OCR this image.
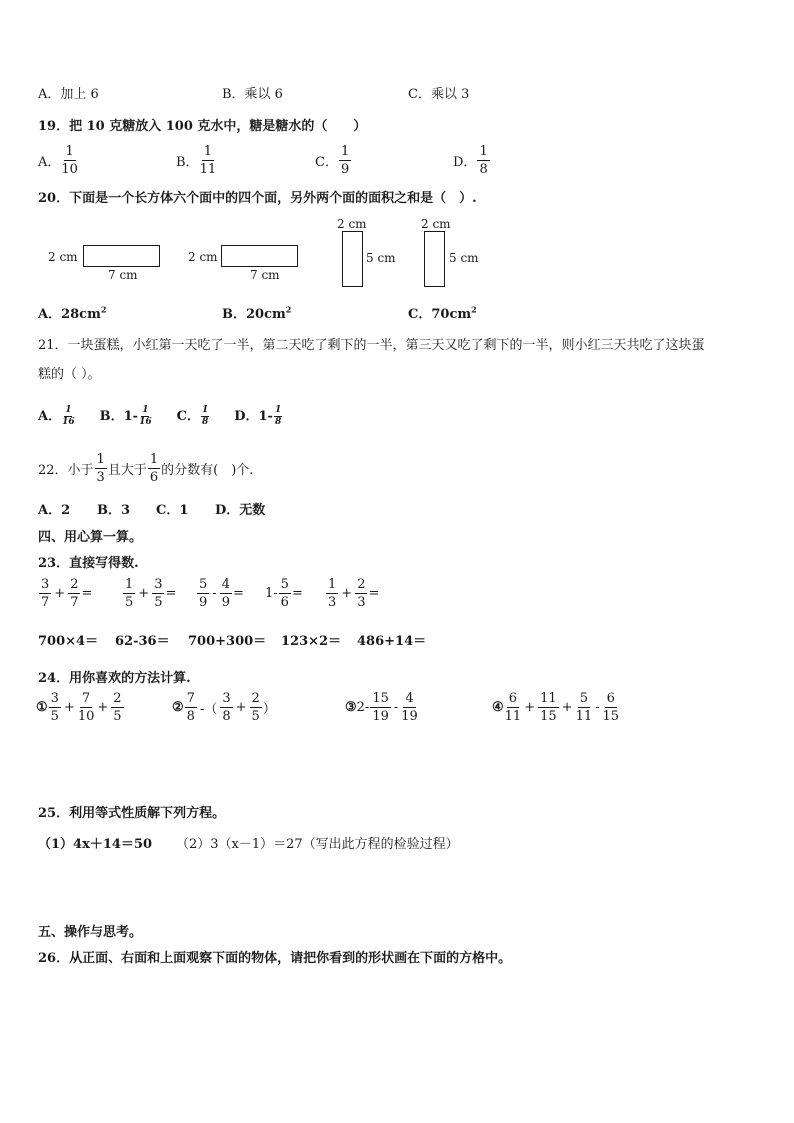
A．加上 6	B．乘以 6	C．乘以 3
19．把 10 克糖放入 100 克水中，糖是糖水的（　　）
A． $\frac{1}{10}$	B． $\frac{1}{11}$	C． $\frac{1}{9}$	D． $\frac{1}{8}$
20．下面是一个长方体六个面中的四个面，另外两个面的面积之和是（　）.
2 cm
7 cm
2 cm
7 cm
2 cm
5 cm
2 cm
5 cm
A．$28cm^2$	B．$20cm^2$	C．$70cm^2$
21．一块蛋糕，小红第一天吃了一半，第二天吃了剩下的一半，第三天又吃了剩下的一半，则小红三天共吃了这块蛋
糕的（ ）。
A． $\frac{1}{16}$ B．$1- \frac{1}{16}$ C． $\frac{1}{8}$ D．$1- \frac{1}{8}$
22．小于 $\frac{1}{3}$ 且大于 $\frac{1}{6}$ 的分数有(　)个.
A．2 B．3 C．1 D．无数
四、用心算一算。
23．直接写得数.
$\frac{3}{7} + \frac{2}{7} = \frac{1}{5} + \frac{3}{5} = \frac{5}{9} - \frac{4}{9} = 1- \frac{5}{6} = \frac{1}{3} + \frac{2}{3}$ =
700×4＝ 62-36＝ 700+300＝ 123×2＝ 486+14＝
24．用你喜欢的方法计算.
① $\frac{3}{5} + \frac{7}{10} + \frac{2}{5}$	② $\frac{7}{8}$ -（ $\frac{3}{8} + \frac{2}{5}$ ）	③ $2- \frac{15}{19} - \frac{4}{19}$	④ $\frac{6}{11} + \frac{11}{15} + \frac{5}{11} - \frac{6}{15}$
25．利用等式性质解下列方程。
（1）4x＋14＝50 （2）3（x－1）＝27（写出此方程的检验过程）
五、操作与思考。
26．从正面、右面和上面观察下面的物体，请把你看到的形状画在下面的方格中。
